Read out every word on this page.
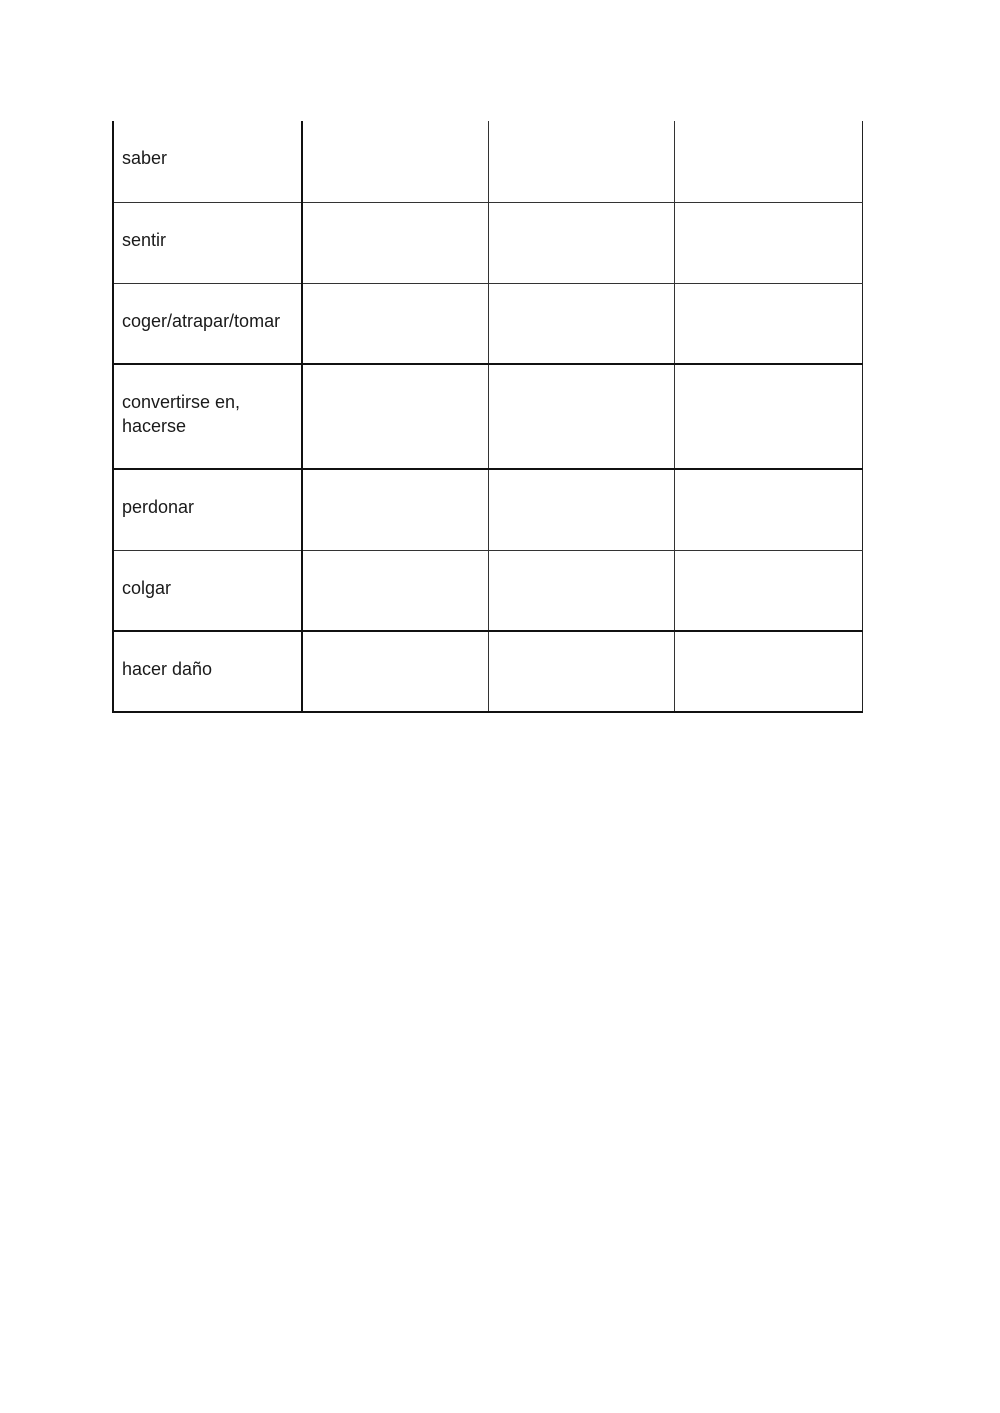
saber			

sentir			

coger/atrapar/tomar			

convertirse en, hacerse			

perdonar			

colgar			

hacer daño			
